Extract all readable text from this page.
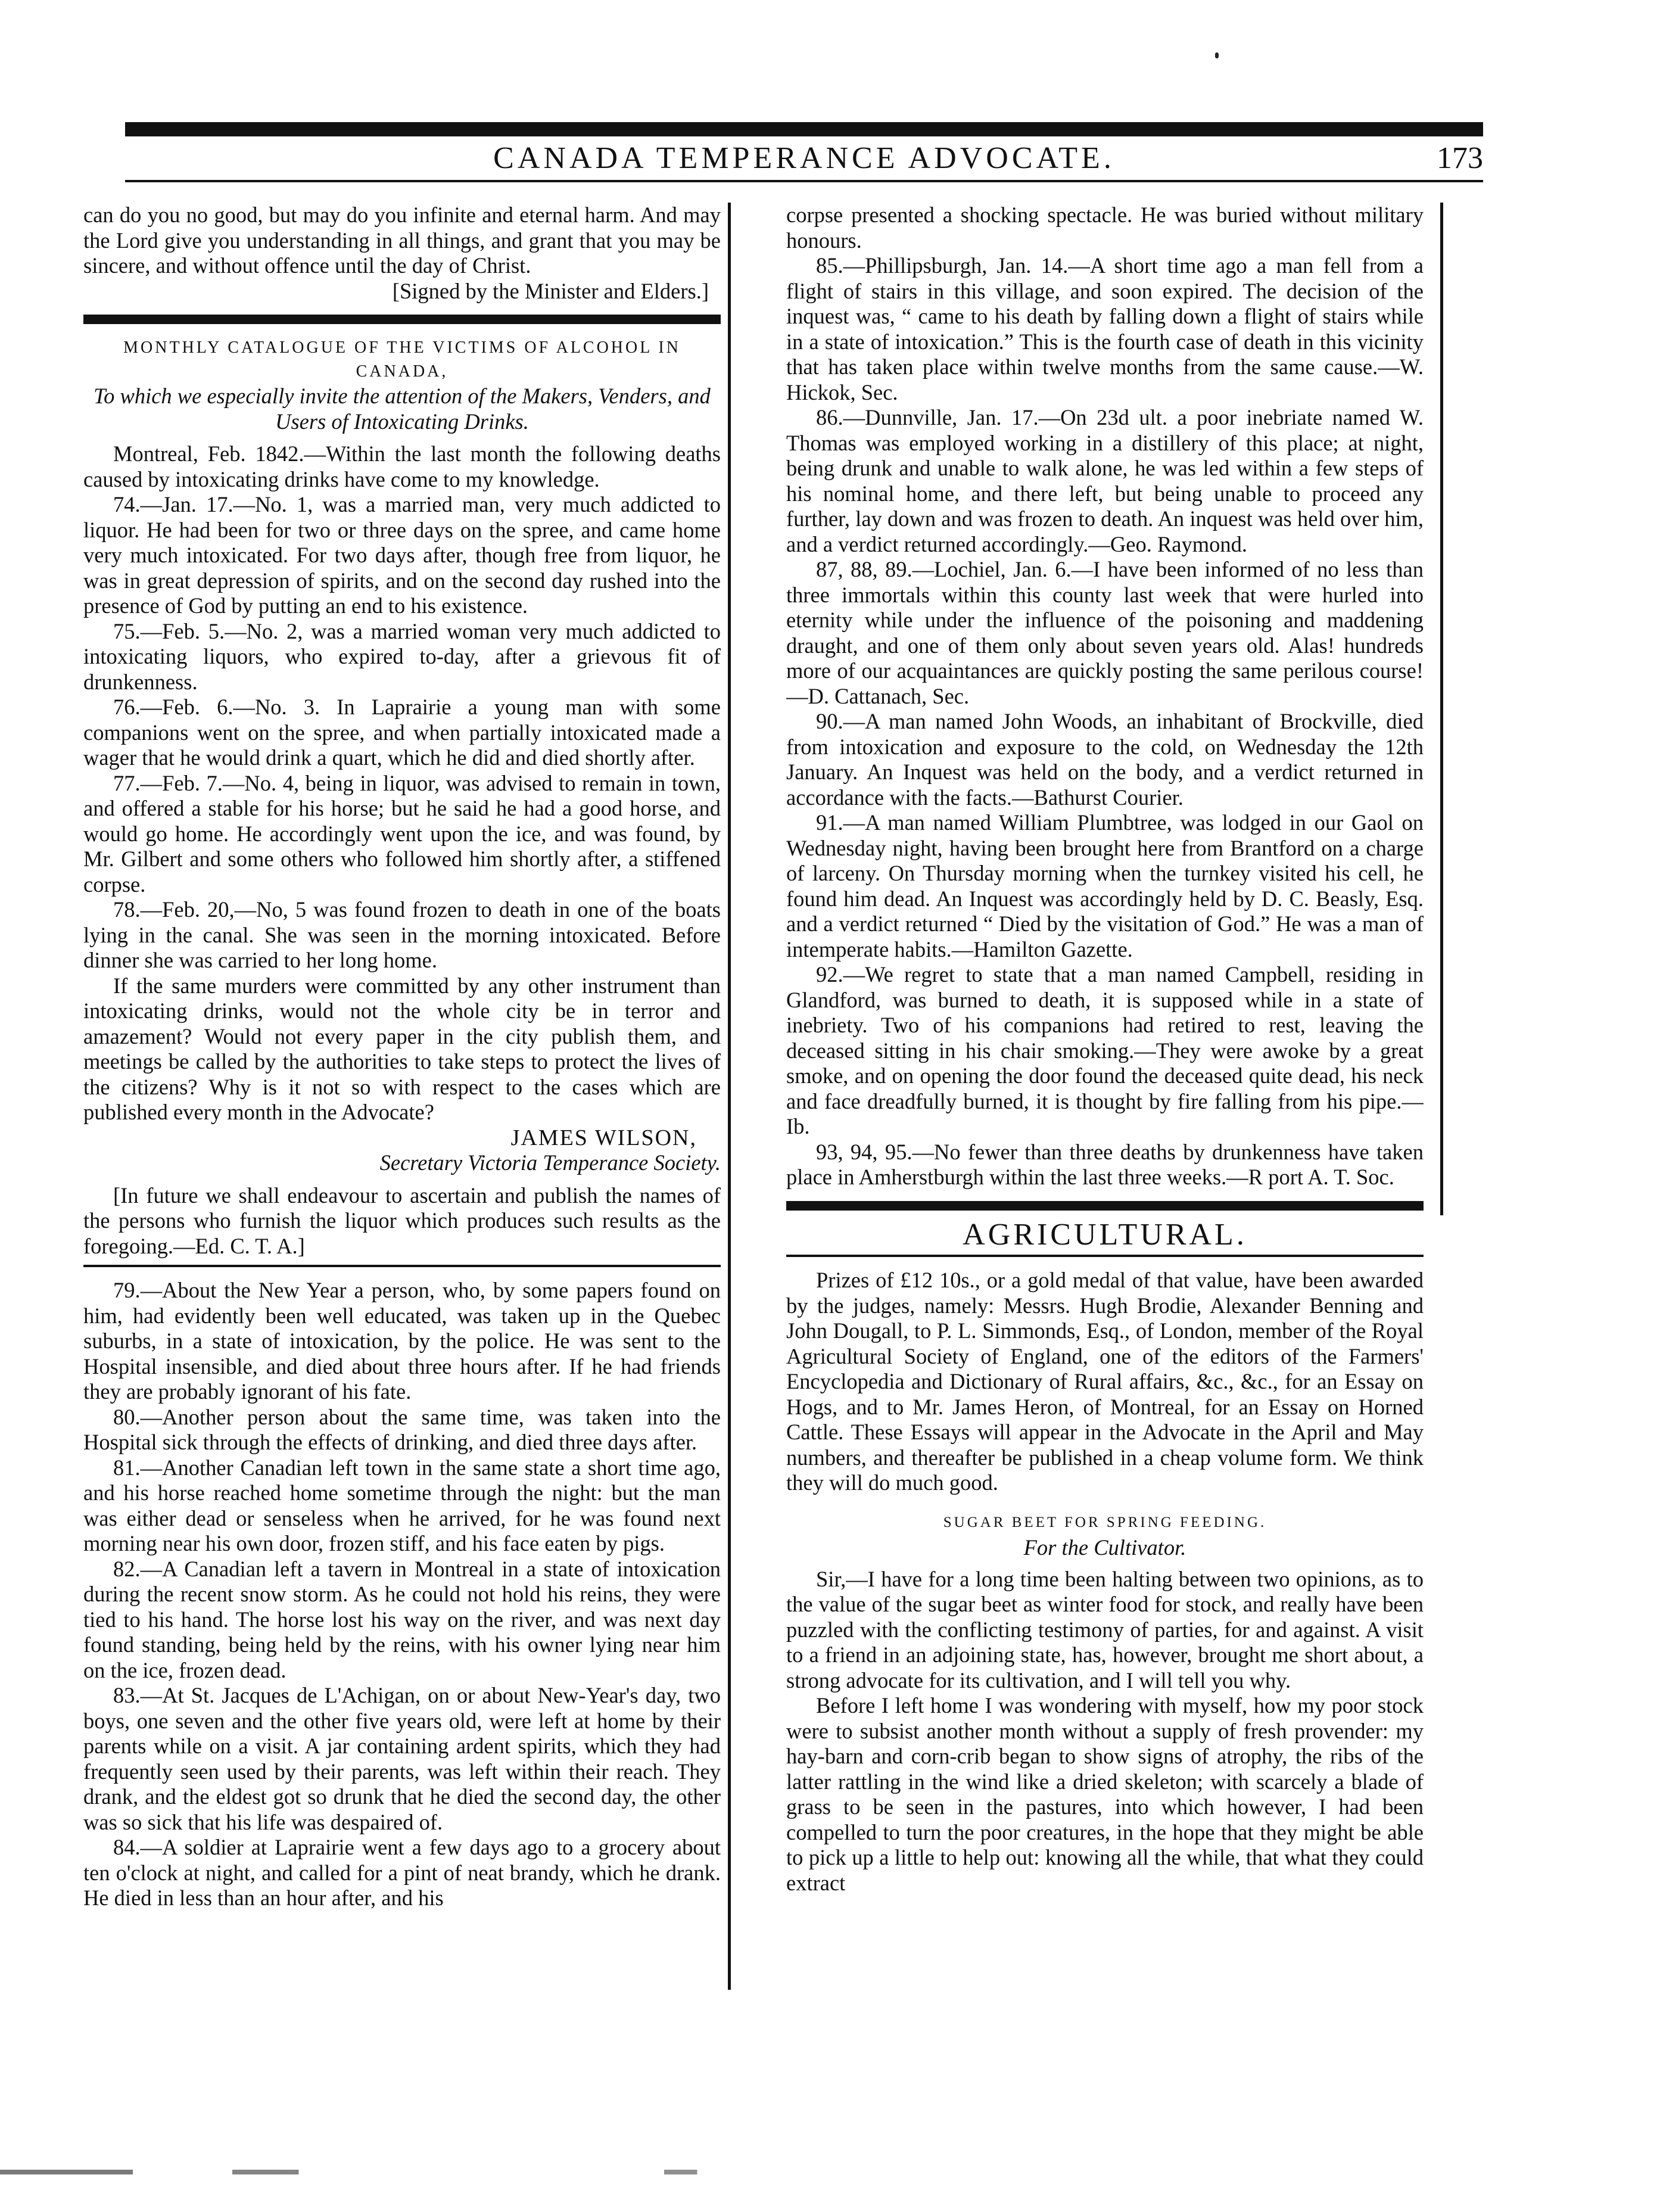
CANADA TEMPERANCE ADVOCATE.	173

can do you no good, but may do you infinite and eternal harm. And may the Lord give you understanding in all things, and grant that you may be sincere, and without offence until the day of Christ.

[Signed by the Minister and Elders.]

MONTHLY CATALOGUE OF THE VICTIMS OF ALCOHOL IN CANADA,

To which we especially invite the attention of the Makers, Venders, and Users of Intoxicating Drinks.

Montreal, Feb. 1842.—Within the last month the following deaths caused by intoxicating drinks have come to my knowledge.

74.—Jan. 17.—No. 1, was a married man, very much addicted to liquor. He had been for two or three days on the spree, and came home very much intoxicated. For two days after, though free from liquor, he was in great depression of spirits, and on the second day rushed into the presence of God by putting an end to his existence.

75.—Feb. 5.—No. 2, was a married woman very much addicted to intoxicating liquors, who expired to-day, after a grievous fit of drunkenness.

76.—Feb. 6.—No. 3. In Laprairie a young man with some companions went on the spree, and when partially intoxicated made a wager that he would drink a quart, which he did and died shortly after.

77.—Feb. 7.—No. 4, being in liquor, was advised to remain in town, and offered a stable for his horse; but he said he had a good horse, and would go home. He accordingly went upon the ice, and was found, by Mr. Gilbert and some others who followed him shortly after, a stiffened corpse.

78.—Feb. 20,—No, 5 was found frozen to death in one of the boats lying in the canal. She was seen in the morning intoxicated. Before dinner she was carried to her long home.

If the same murders were committed by any other instrument than intoxicating drinks, would not the whole city be in terror and amazement? Would not every paper in the city publish them, and meetings be called by the authorities to take steps to protect the lives of the citizens? Why is it not so with respect to the cases which are published every month in the Advocate?

JAMES WILSON,

Secretary Victoria Temperance Society.

[In future we shall endeavour to ascertain and publish the names of the persons who furnish the liquor which produces such results as the foregoing.—Ed. C. T. A.]

79.—About the New Year a person, who, by some papers found on him, had evidently been well educated, was taken up in the Quebec suburbs, in a state of intoxication, by the police. He was sent to the Hospital insensible, and died about three hours after. If he had friends they are probably ignorant of his fate.

80.—Another person about the same time, was taken into the Hospital sick through the effects of drinking, and died three days after.

81.—Another Canadian left town in the same state a short time ago, and his horse reached home sometime through the night: but the man was either dead or senseless when he arrived, for he was found next morning near his own door, frozen stiff, and his face eaten by pigs.

82.—A Canadian left a tavern in Montreal in a state of intoxication during the recent snow storm. As he could not hold his reins, they were tied to his hand. The horse lost his way on the river, and was next day found standing, being held by the reins, with his owner lying near him on the ice, frozen dead.

83.—At St. Jacques de L'Achigan, on or about New-Year's day, two boys, one seven and the other five years old, were left at home by their parents while on a visit. A jar containing ardent spirits, which they had frequently seen used by their parents, was left within their reach. They drank, and the eldest got so drunk that he died the second day, the other was so sick that his life was despaired of.

84.—A soldier at Laprairie went a few days ago to a grocery about ten o'clock at night, and called for a pint of neat brandy, which he drank. He died in less than an hour after, and his

corpse presented a shocking spectacle. He was buried without military honours.

85.—Phillipsburgh, Jan. 14.—A short time ago a man fell from a flight of stairs in this village, and soon expired. The decision of the inquest was, “ came to his death by falling down a flight of stairs while in a state of intoxication.” This is the fourth case of death in this vicinity that has taken place within twelve months from the same cause.—W. Hickok, Sec.

86.—Dunnville, Jan. 17.—On 23d ult. a poor inebriate named W. Thomas was employed working in a distillery of this place; at night, being drunk and unable to walk alone, he was led within a few steps of his nominal home, and there left, but being unable to proceed any further, lay down and was frozen to death. An inquest was held over him, and a verdict returned accordingly.—Geo. Raymond.

87, 88, 89.—Lochiel, Jan. 6.—I have been informed of no less than three immortals within this county last week that were hurled into eternity while under the influence of the poisoning and maddening draught, and one of them only about seven years old. Alas! hundreds more of our acquaintances are quickly posting the same perilous course!—D. Cattanach, Sec.

90.—A man named John Woods, an inhabitant of Brockville, died from intoxication and exposure to the cold, on Wednesday the 12th January. An Inquest was held on the body, and a verdict returned in accordance with the facts.—Bathurst Courier.

91.—A man named William Plumbtree, was lodged in our Gaol on Wednesday night, having been brought here from Brantford on a charge of larceny. On Thursday morning when the turnkey visited his cell, he found him dead. An Inquest was accordingly held by D. C. Beasly, Esq. and a verdict returned “ Died by the visitation of God.” He was a man of intemperate habits.—Hamilton Gazette.

92.—We regret to state that a man named Campbell, residing in Glandford, was burned to death, it is supposed while in a state of inebriety. Two of his companions had retired to rest, leaving the deceased sitting in his chair smoking.—They were awoke by a great smoke, and on opening the door found the deceased quite dead, his neck and face dreadfully burned, it is thought by fire falling from his pipe.—Ib.

93, 94, 95.—No fewer than three deaths by drunkenness have taken place in Amherstburgh within the last three weeks.—R port A. T. Soc.

AGRICULTURAL.

Prizes of £12 10s., or a gold medal of that value, have been awarded by the judges, namely: Messrs. Hugh Brodie, Alexander Benning and John Dougall, to P. L. Simmonds, Esq., of London, member of the Royal Agricultural Society of England, one of the editors of the Farmers' Encyclopedia and Dictionary of Rural affairs, &c., &c., for an Essay on Hogs, and to Mr. James Heron, of Montreal, for an Essay on Horned Cattle. These Essays will appear in the Advocate in the April and May numbers, and thereafter be published in a cheap volume form. We think they will do much good.

SUGAR BEET FOR SPRING FEEDING.

For the Cultivator.

Sir,—I have for a long time been halting between two opinions, as to the value of the sugar beet as winter food for stock, and really have been puzzled with the conflicting testimony of parties, for and against. A visit to a friend in an adjoining state, has, however, brought me short about, a strong advocate for its cultivation, and I will tell you why.

Before I left home I was wondering with myself, how my poor stock were to subsist another month without a supply of fresh provender: my hay-barn and corn-crib began to show signs of atrophy, the ribs of the latter rattling in the wind like a dried skeleton; with scarcely a blade of grass to be seen in the pastures, into which however, I had been compelled to turn the poor creatures, in the hope that they might be able to pick up a little to help out: knowing all the while, that what they could extract
